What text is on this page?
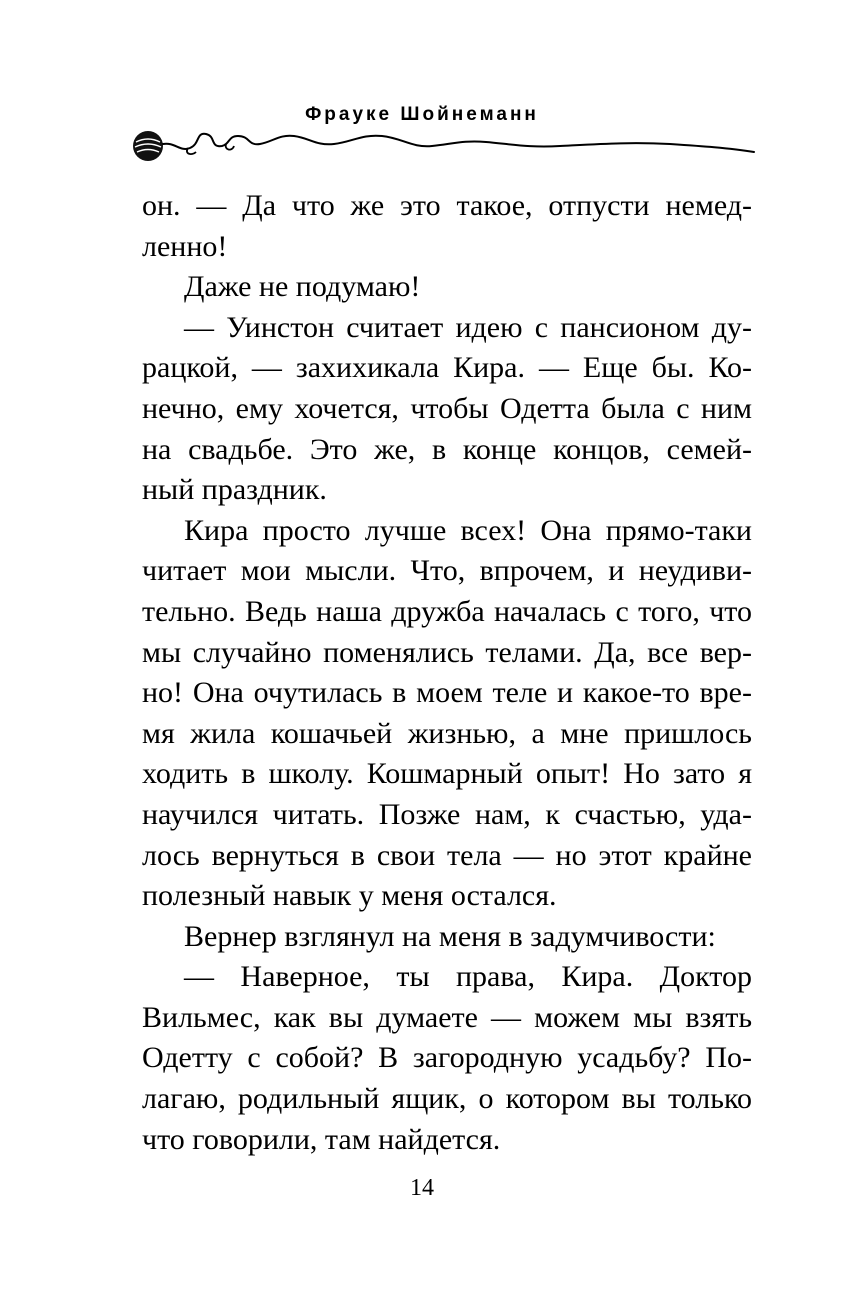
Фрауке Шойнеманн
он. — Да что же это такое, отпусти немед-
ленно!
Даже не подумаю!
— Уинстон считает идею с пансионом ду-
рацкой, — захихикала Кира. — Еще бы. Ко-
нечно, ему хочется, чтобы Одетта была с ним
на свадьбе. Это же, в конце концов, семей-
ный праздник.
Кира просто лучше всех! Она прямо-таки
читает мои мысли. Что, впрочем, и неудиви-
тельно. Ведь наша дружба началась с того, что
мы случайно поменялись телами. Да, все вер-
но! Она очутилась в моем теле и какое-то вре-
мя жила кошачьей жизнью, а мне пришлось
ходить в школу. Кошмарный опыт! Но зато я
научился читать. Позже нам, к счастью, уда-
лось вернуться в свои тела — но этот крайне
полезный навык у меня остался.
Вернер взглянул на меня в задумчивости:
— Наверное, ты права, Кира. Доктор
Вильмес, как вы думаете — можем мы взять
Одетту с собой? В загородную усадьбу? По-
лагаю, родильный ящик, о котором вы только
что говорили, там найдется.
14
